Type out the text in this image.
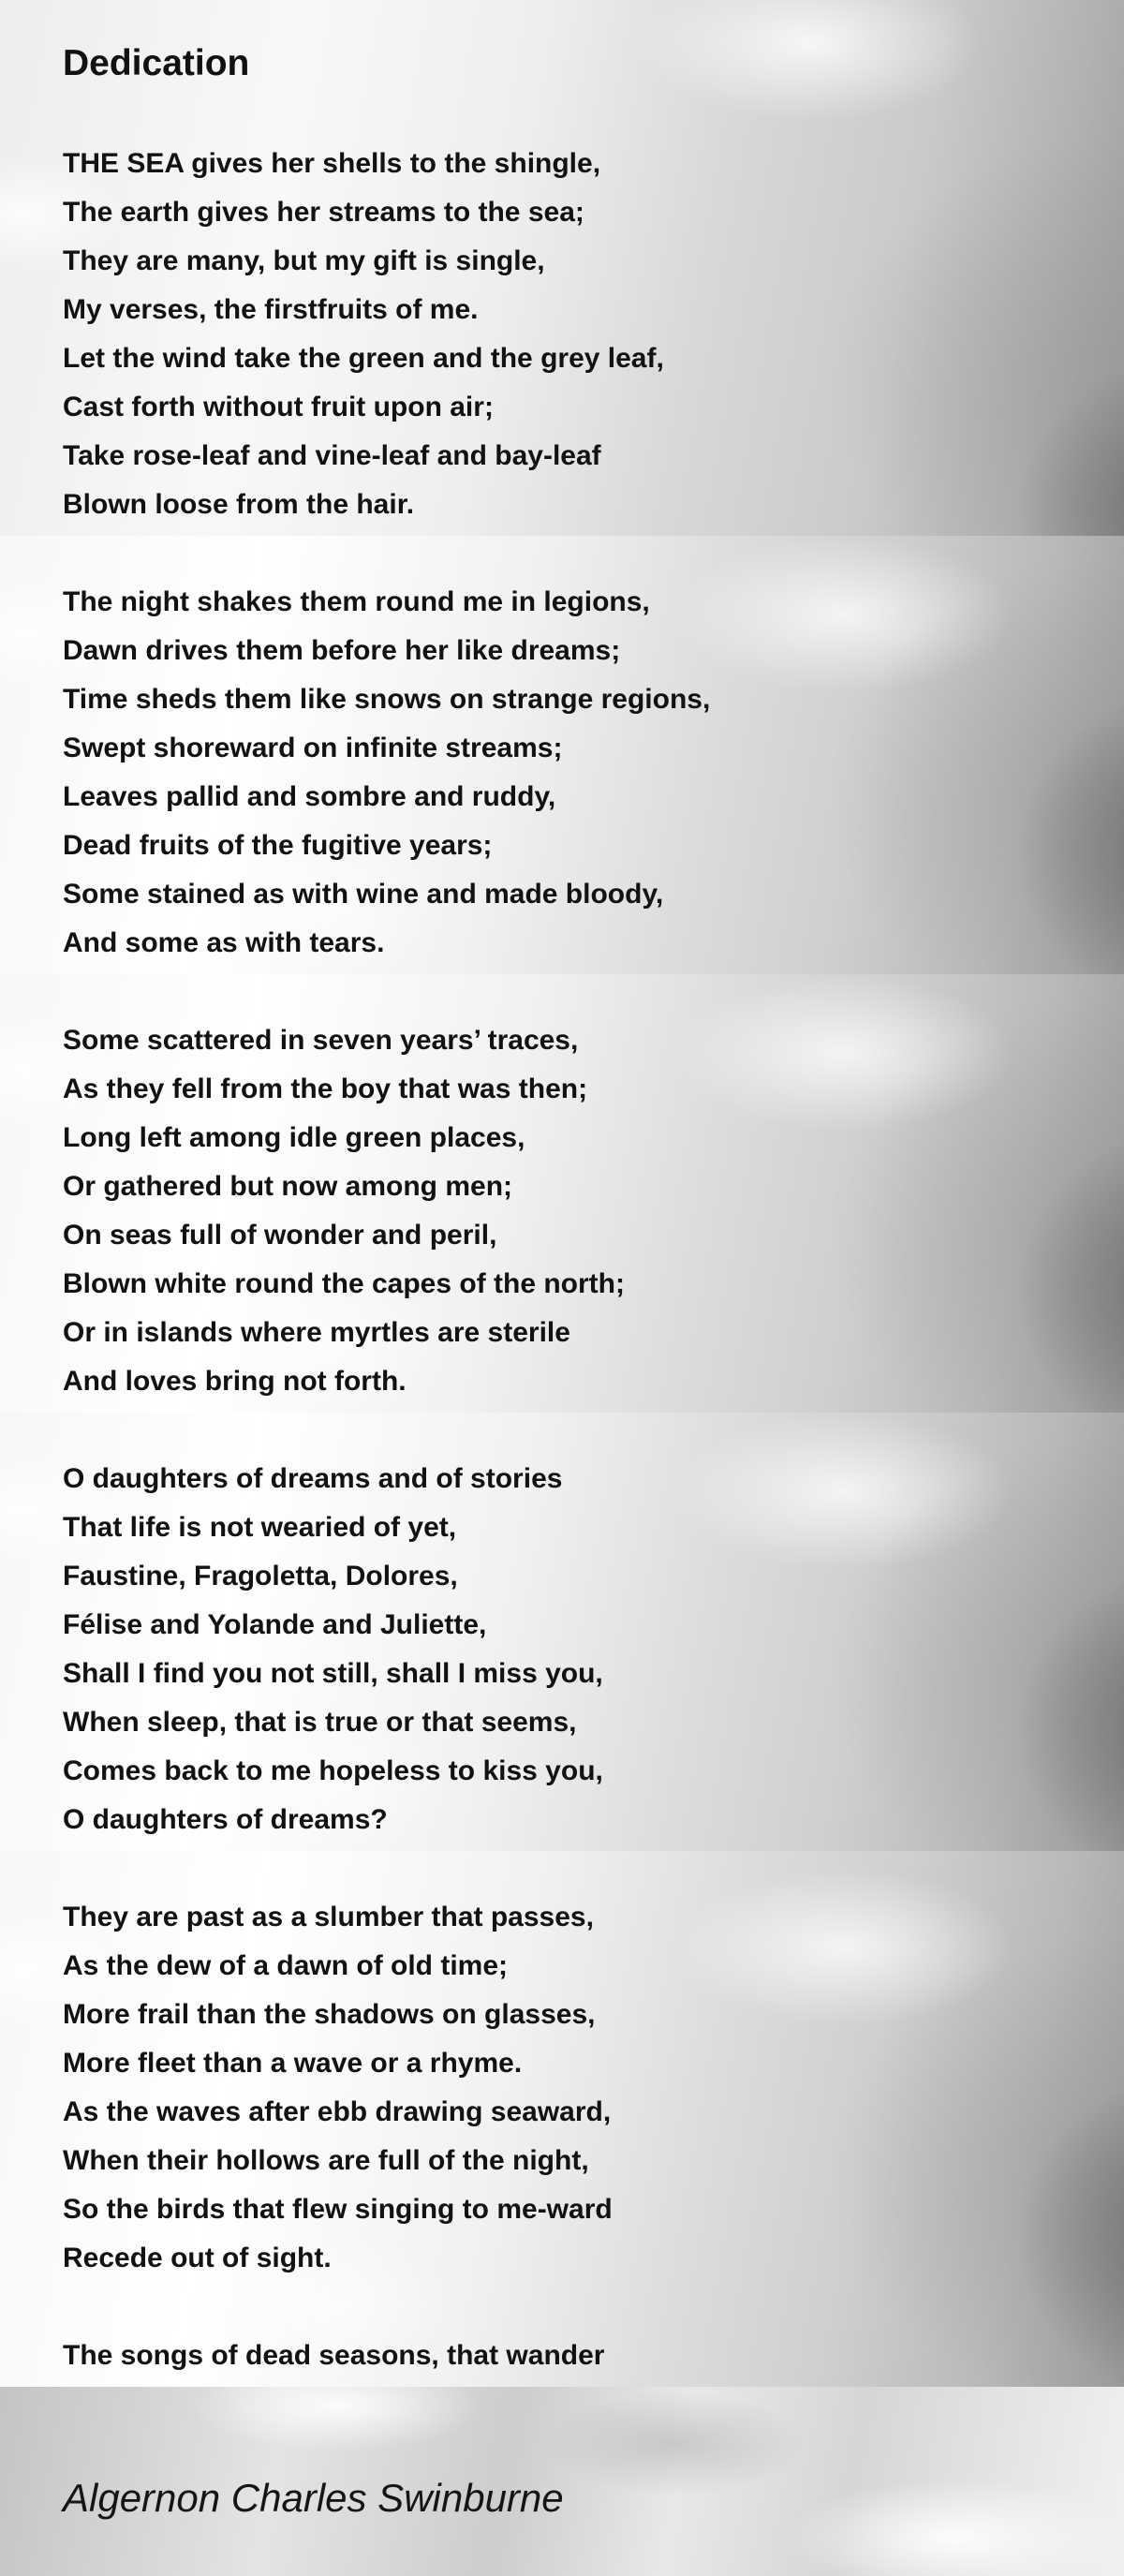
Dedication
THE SEA gives her shells to the shingle,
The earth gives her streams to the sea;
They are many, but my gift is single,
My verses, the firstfruits of me.
Let the wind take the green and the grey leaf,
Cast forth without fruit upon air;
Take rose-leaf and vine-leaf and bay-leaf
Blown loose from the hair.
The night shakes them round me in legions,
Dawn drives them before her like dreams;
Time sheds them like snows on strange regions,
Swept shoreward on infinite streams;
Leaves pallid and sombre and ruddy,
Dead fruits of the fugitive years;
Some stained as with wine and made bloody,
And some as with tears.
Some scattered in seven years’ traces,
As they fell from the boy that was then;
Long left among idle green places,
Or gathered but now among men;
On seas full of wonder and peril,
Blown white round the capes of the north;
Or in islands where myrtles are sterile
And loves bring not forth.
O daughters of dreams and of stories
That life is not wearied of yet,
Faustine, Fragoletta, Dolores,
Félise and Yolande and Juliette,
Shall I find you not still, shall I miss you,
When sleep, that is true or that seems,
Comes back to me hopeless to kiss you,
O daughters of dreams?
They are past as a slumber that passes,
As the dew of a dawn of old time;
More frail than the shadows on glasses,
More fleet than a wave or a rhyme.
As the waves after ebb drawing seaward,
When their hollows are full of the night,
So the birds that flew singing to me-ward
Recede out of sight.
The songs of dead seasons, that wander
Algernon Charles Swinburne
